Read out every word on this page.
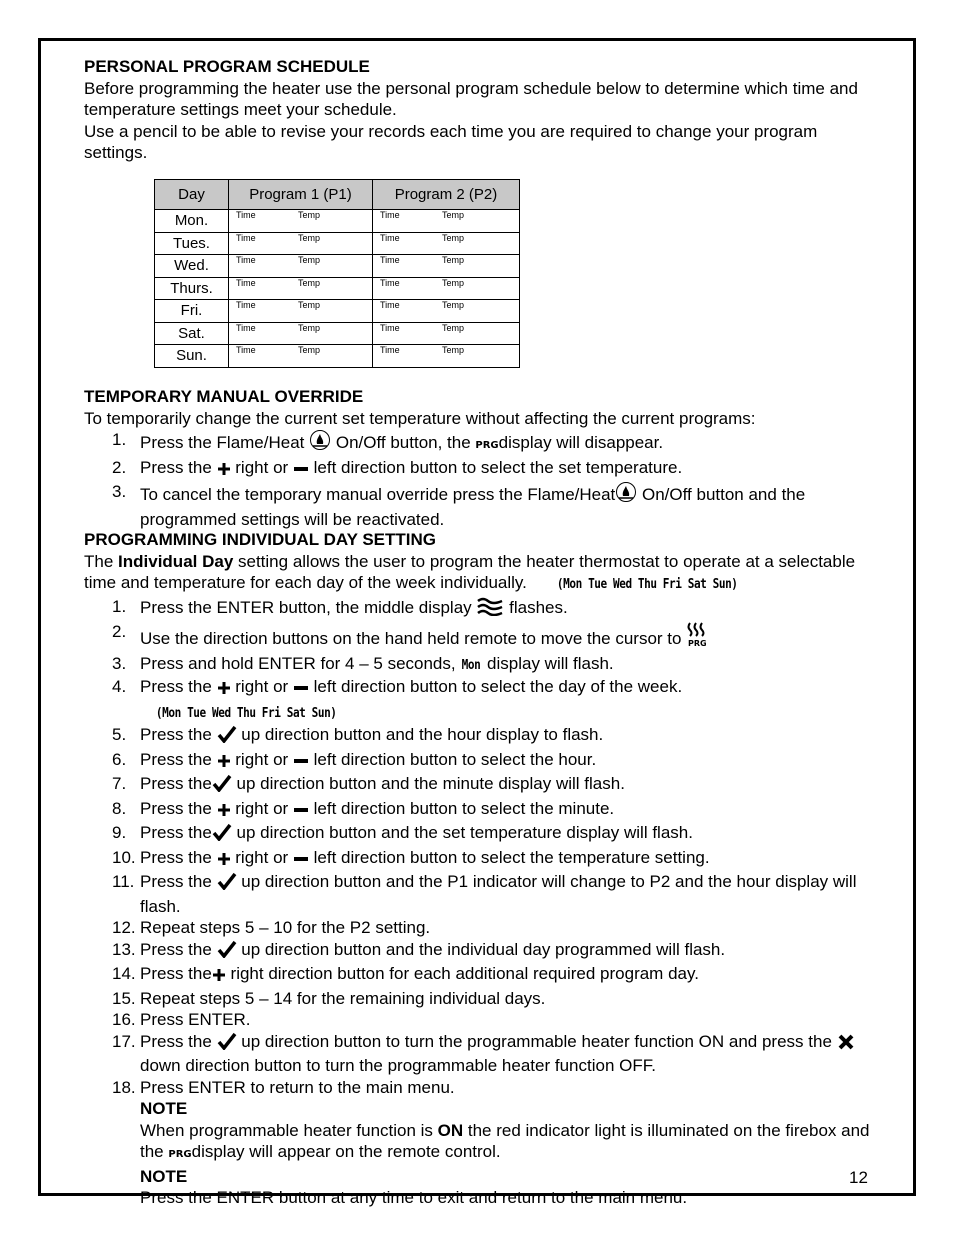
PERSONAL PROGRAM SCHEDULE

Before programming the heater use the personal program schedule below to determine which time and temperature settings meet your schedule.

Use a pencil to be able to revise your records each time you are required to change your program settings.

Day	Program 1 (P1)	Program 2 (P2)
Mon.	Time Temp	Time Temp

Tues.	Time Temp	Time Temp

Wed.	Time Temp	Time Temp

Thurs.	Time Temp	Time Temp

Fri.	Time Temp	Time Temp

Sat.	Time Temp	Time Temp

Sun.	Time Temp	Time Temp

TEMPORARY MANUAL OVERRIDE

To temporarily change the current set temperature without affecting the current programs:

1. Press the Flame/Heat  On/Off button, the PRGdisplay will disappear.
2. Press the  right or  left direction button to select the set temperature.
3. To cancel the temporary manual override press the Flame/Heat On/Off button and the programmed settings will be reactivated.

PROGRAMMING INDIVIDUAL DAY SETTING

The Individual Day setting allows the user to program the heater thermostat to operate at a selectable time and temperature for each day of the week individually. (Mon Tue Wed Thu Fri Sat Sun)

1. Press the ENTER button, the middle display  flashes.
2. Use the direction buttons on the hand held remote to move the cursor to PRG
3. Press and hold ENTER for 4 – 5 seconds, Mon display will flash.
4. Press the  right or  left direction button to select the day of the week.
(Mon Tue Wed Thu Fri Sat Sun)
5. Press the  up direction button and the hour display to flash.
6. Press the  right or  left direction button to select the hour.
7. Press the up direction button and the minute display will flash.
8. Press the  right or  left direction button to select the minute.
9. Press the up direction button and the set temperature display will flash.
10. Press the  right or  left direction button to select the temperature setting.
11. Press the  up direction button and the P1 indicator will change to P2 and the hour display will flash.
12. Repeat steps 5 – 10 for the P2 setting.
13. Press the  up direction button and the individual day programmed will flash.
14. Press the right direction button for each additional required program day.
15. Repeat steps 5 – 14 for the remaining individual days.
16. Press ENTER.
17. Press the  up direction button to turn the programmable heater function ON and press the  down direction button to turn the programmable heater function OFF.
18. Press ENTER to return to the main menu.
NOTE
When programmable heater function is ON the red indicator light is illuminated on the firebox and the PRGdisplay will appear on the remote control.
NOTE
Press the ENTER button at any time to exit and return to the main menu.
12
